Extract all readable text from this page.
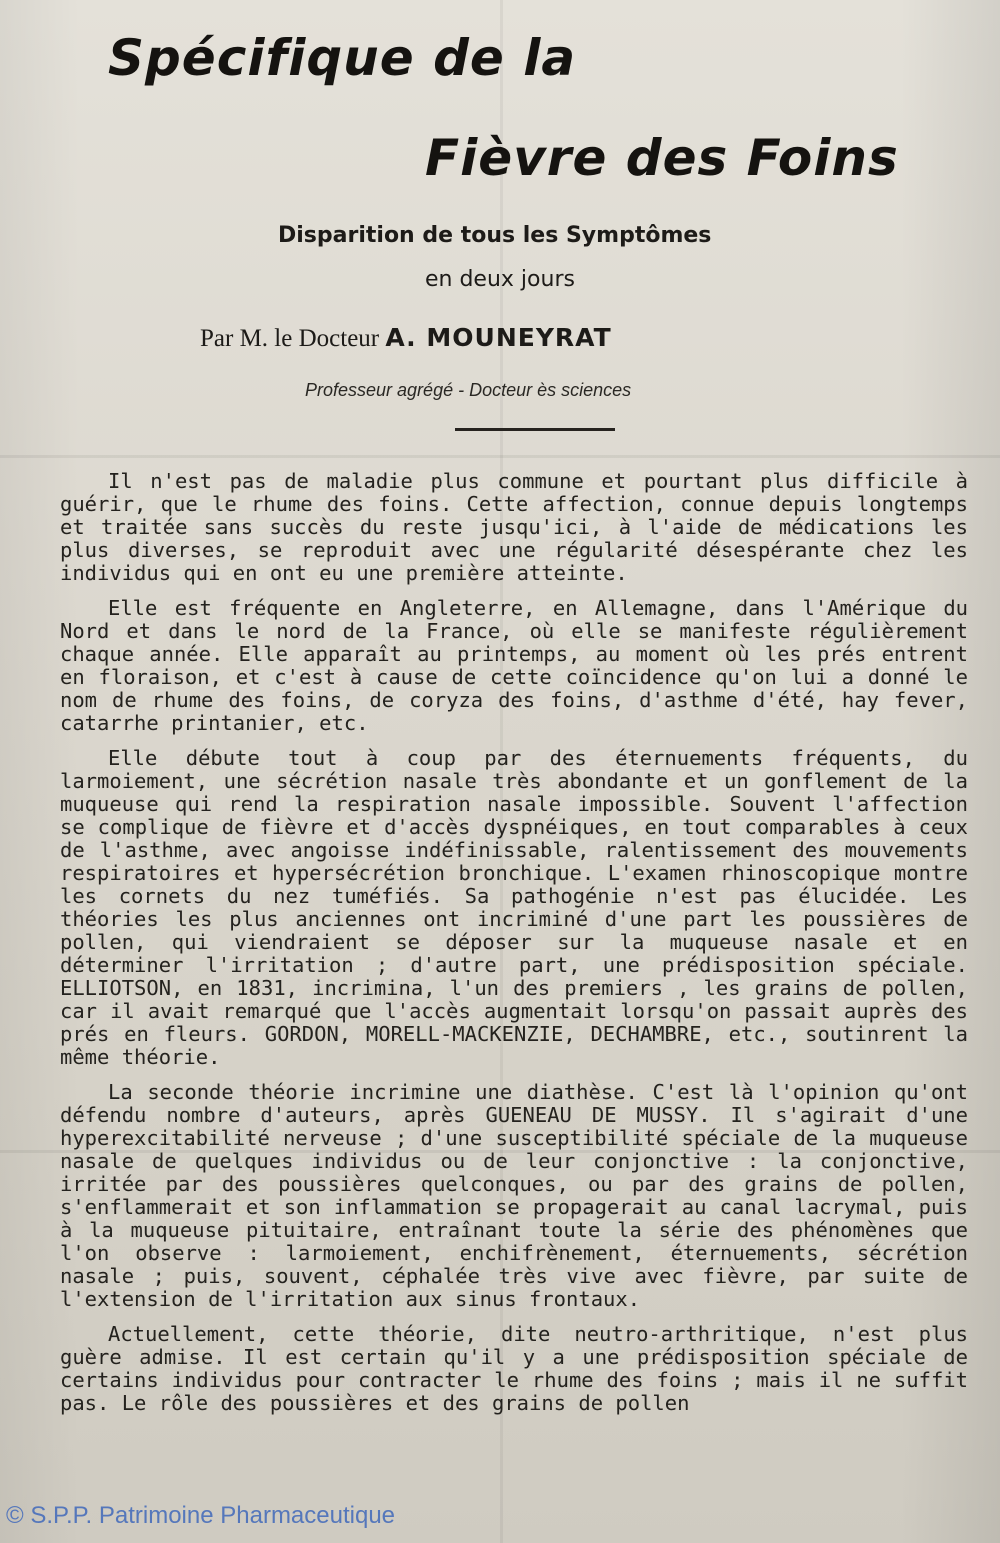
Spécifique de la
Fièvre des Foins
Disparition de tous les Symptômes
en deux jours

Par M. le Docteur A. MOUNEYRAT

Professeur agrégé - Docteur ès sciences

Il n'est pas de maladie plus commune et pourtant plus difficile à guérir, que le rhume des foins. Cette affection, connue depuis longtemps et traitée sans succès du reste jusqu'ici, à l'aide de médications les plus diverses, se reproduit avec une régularité désespérante chez les individus qui en ont eu une première atteinte.

Elle est fréquente en Angleterre, en Allemagne, dans l'Amérique du Nord et dans le nord de la France, où elle se manifeste régulièrement chaque année. Elle apparaît au printemps, au moment où les prés entrent en floraison, et c'est à cause de cette coïncidence qu'on lui a donné le nom de rhume des foins, de coryza des foins, d'asthme d'été, hay fever, catarrhe printanier, etc.

Elle débute tout à coup par des éternuements fréquents, du larmoiement, une sécrétion nasale très abondante et un gonflement de la muqueuse qui rend la respiration nasale impossible. Souvent l'affection se complique de fièvre et d'accès dyspnéiques, en tout comparables à ceux de l'asthme, avec angoisse indéfinissable, ralentissement des mouvements respiratoires et hypersécrétion bronchique. L'examen rhinoscopique montre les cornets du nez tuméfiés. Sa pathogénie n'est pas élucidée. Les théories les plus anciennes ont incriminé d'une part les poussières de pollen, qui viendraient se déposer sur la muqueuse nasale et en déterminer l'irritation ; d'autre part, une prédisposition spéciale. ELLIOTSON, en 1831, incrimina, l'un des premiers , les grains de pollen, car il avait remarqué que l'accès augmentait lorsqu'on passait auprès des prés en fleurs. GORDON, MORELL-MACKENZIE, DECHAMBRE, etc., soutinrent la même théorie.

La seconde théorie incrimine une diathèse. C'est là l'opinion qu'ont défendu nombre d'auteurs, après GUENEAU DE MUSSY. Il s'agirait d'une hyperexcitabilité nerveuse ; d'une susceptibilité spéciale de la muqueuse nasale de quelques individus ou de leur conjonctive : la conjonctive, irritée par des poussières quelconques, ou par des grains de pollen, s'enflammerait et son inflammation se propagerait au canal lacrymal, puis à la muqueuse pituitaire, entraînant toute la série des phénomènes que l'on observe : larmoiement, enchifrènement, éternuements, sécrétion nasale ; puis, souvent, céphalée très vive avec fièvre, par suite de l'extension de l'irritation aux sinus frontaux.

Actuellement, cette théorie, dite neutro-arthritique, n'est plus guère admise. Il est certain qu'il y a une prédisposition spéciale de certains individus pour contracter le rhume des foins ; mais il ne suffit pas. Le rôle des poussières et des grains de pollen

© S.P.P. Patrimoine Pharmaceutique
